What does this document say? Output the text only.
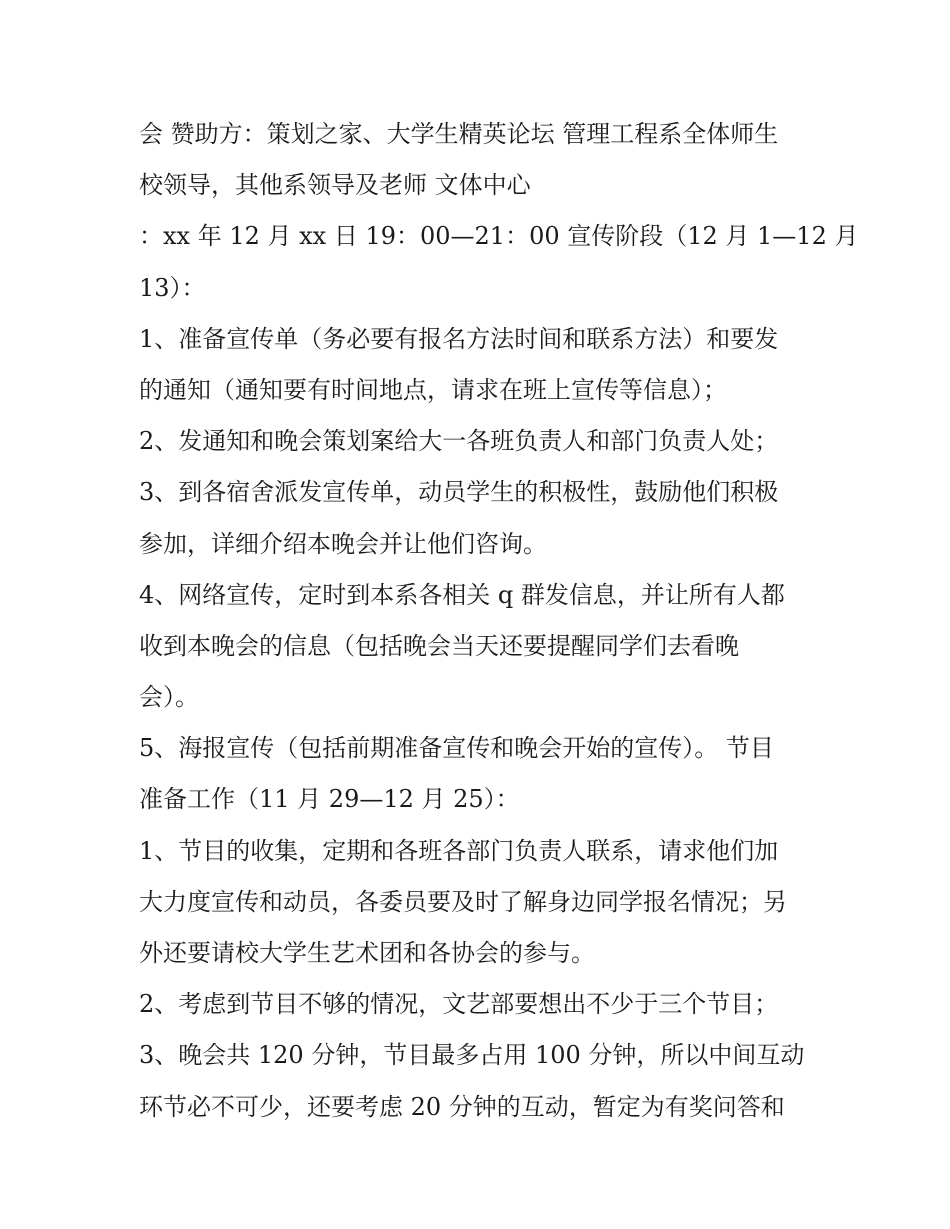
会 赞助方：策划之家、大学生精英论坛 管理工程系全体师生

校领导，其他系领导及老师 文体中心

：xx 年 12 月 xx 日 19：00—21：00 宣传阶段（12 月 1—12 月

13）：

1、准备宣传单（务必要有报名方法时间和联系方法）和要发

的通知（通知要有时间地点，请求在班上宣传等信息）；

2、发通知和晚会策划案给大一各班负责人和部门负责人处；

3、到各宿舍派发宣传单，动员学生的积极性，鼓励他们积极

参加，详细介绍本晚会并让他们咨询。

4、网络宣传，定时到本系各相关 q 群发信息，并让所有人都

收到本晚会的信息（包括晚会当天还要提醒同学们去看晚

会）。

5、海报宣传（包括前期准备宣传和晚会开始的宣传）。 节目

准备工作（11 月 29—12 月 25）：

1、节目的收集，定期和各班各部门负责人联系，请求他们加

大力度宣传和动员，各委员要及时了解身边同学报名情况；另

外还要请校大学生艺术团和各协会的参与。

2、考虑到节目不够的情况，文艺部要想出不少于三个节目；

3、晚会共 120 分钟，节目最多占用 100 分钟，所以中间互动

环节必不可少，还要考虑 20 分钟的互动，暂定为有奖问答和
